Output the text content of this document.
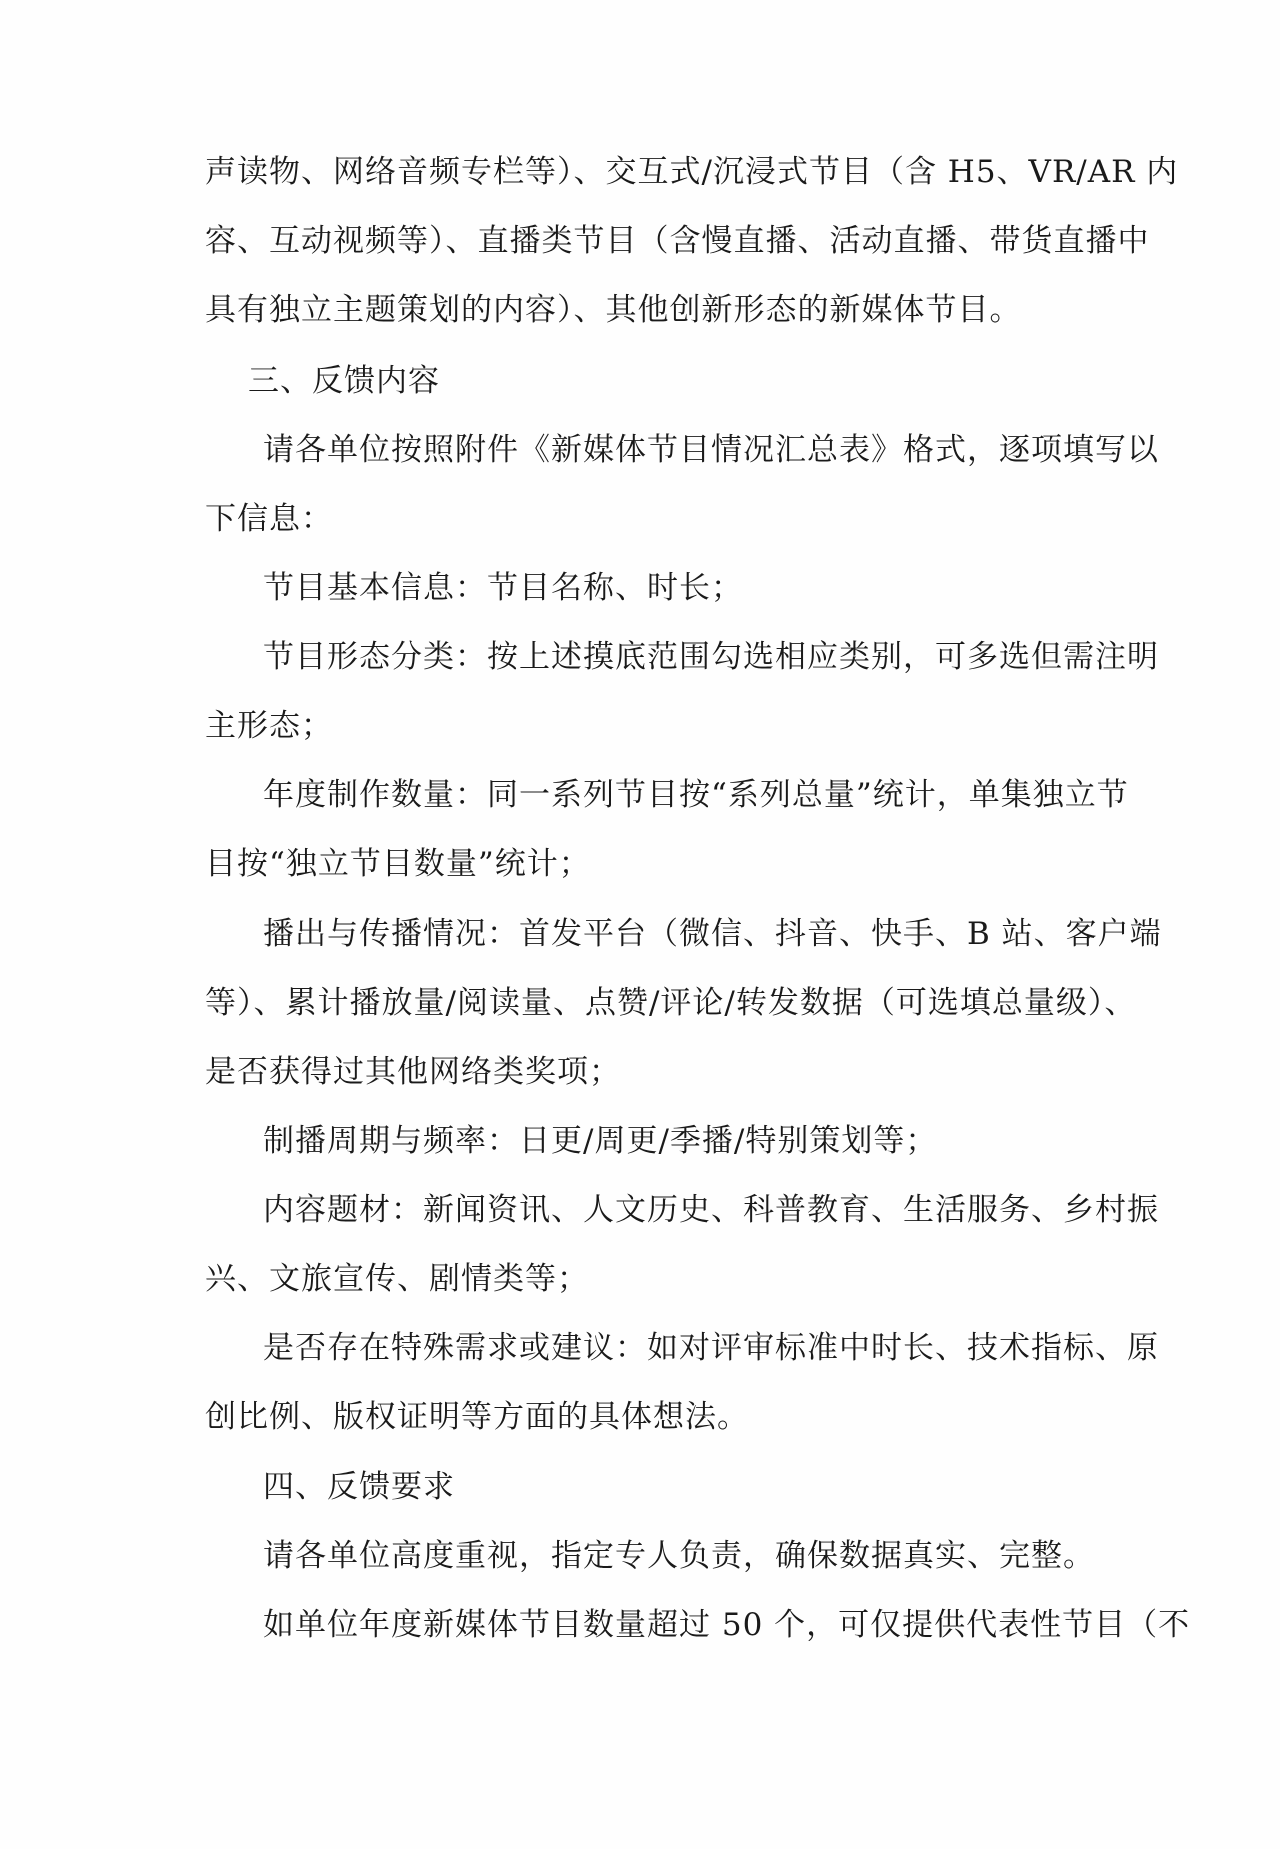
声读物、网络音频专栏等）、交互式/沉浸式节目（含 H5、VR/AR 内
容、互动视频等）、直播类节目（含慢直播、活动直播、带货直播中
具有独立主题策划的内容）、其他创新形态的新媒体节目。
三、反馈内容
请各单位按照附件《新媒体节目情况汇总表》格式，逐项填写以
下信息：
节目基本信息：节目名称、时长；
节目形态分类：按上述摸底范围勾选相应类别，可多选但需注明
主形态；
年度制作数量：同一系列节目按“系列总量”统计，单集独立节
目按“独立节目数量”统计；
播出与传播情况：首发平台（微信、抖音、快手、B 站、客户端
等）、累计播放量/阅读量、点赞/评论/转发数据（可选填总量级）、
是否获得过其他网络类奖项；
制播周期与频率：日更/周更/季播/特别策划等；
内容题材：新闻资讯、人文历史、科普教育、生活服务、乡村振
兴、文旅宣传、剧情类等；
是否存在特殊需求或建议：如对评审标准中时长、技术指标、原
创比例、版权证明等方面的具体想法。
四、反馈要求
请各单位高度重视，指定专人负责，确保数据真实、完整。
如单位年度新媒体节目数量超过 50 个，可仅提供代表性节目（不
